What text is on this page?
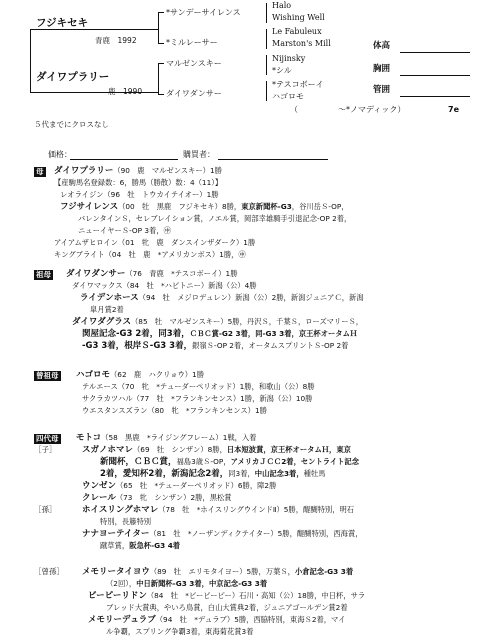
フジキセキ
青鹿　1992
ダイワプラリー
*サンデーサイレンス
*ミルレーサー
マルゼンスキー
ダイワダンサー
Halo
Wishing Well
Le Fabuleux
Marston's Mill
Nijinsky
*シル
*テスコボーイ
ハゴロモ
（　　　　　～*ノマディック）	7e
体高
胸囲
管囲
５代までにクロスなし
価格：	購買者：
母 ダイワプラリー（90　鹿　マルゼンスキー）1勝
【産駒馬名登録数：6，勝馬（勝散）数：4（11）】
レオライジン（96　牡　トウカイテイオー）1勝
フジサイレンス（00　牡　黒鹿　フジキセキ）8勝，東京新聞杯-G3，谷川岳Ｓ-OP，
バレンタインＳ，セレブレイション賞，ノエル賞，岡部幸雄騎手引退記念-OP 2着，
ニューイヤーＳ-OP 3着，㊥
アイアムザヒロイン（01　牝　鹿　ダンスインザダーク）1勝
キングブライト（04　牡　鹿　*アメリカンボス）1勝，㊥
祖母 ダイワダンサー（76　青鹿　*テスコボーイ）1勝
ダイワマックス（84　牡　*ハビトニー）新潟（公）4勝
ライデンホース（94　牡　メジロデュレン）新潟（公）2勝，新潟ジュニアＣ，新潟
皐月賞2着
ダイワダグラス（85　牡　マルゼンスキー）5勝，丹沢Ｓ，千葉Ｓ，ローズマリーＳ，
関屋記念-G3 2着，同3着，ＣＢＣ賞-G2 3着，同-G3 3着，京王杯オータムＨ
-G3 3着，根岸Ｓ-G3 3着，銀嶺Ｓ-OP 2着，オータムスプリントＳ-OP 2着
曾祖母 ハゴロモ（62　鹿　ハクリョウ）1勝
テルエース（70　牝　*テューダーペリオッド）1勝，和歌山（公）8勝
サクラカツハル（77　牡　*フランキンセンス）1勝，新潟（公）10勝
ウエスタンスズラン（80　牝　*フランキンセンス）1勝
四代母 モトコ（58　黒鹿　*ライジングフレーム）1戦，入着
［子］	スガノホマレ（69　牡　シンザン）8勝，日本短波賞，京王杯オータムＨ，東京
新聞杯，ＣＢＣ賞，福島3歳Ｓ-OP，アメリカＪＣＣ2着，セントライト記念
2着，愛知杯2着，新潟記念2着，同3着，中山記念3着，種牡馬
ウンゼン（65　牡　*テューダーペリオッド）6勝，障2勝
クレール（73　牝　シンザン）2勝，黒松賞
［孫］	ホイスリングホマレ（78　牡　*ホイスリングウインドⅡ）5勝，醍醐特別，明石
特別，長籐特別
ナナヨーテイター（81　牡　*ノーザンディクテイター）5勝，醍醐特別，西海賞，
蹴草賞，阪急杯-G3 4着
［曾孫］ メモリータイヨウ（89　牡　エリモタイヨー）5勝，万葉Ｓ，小倉記念-G3 3着
（2回），中日新聞杯-G3 3着，中京記念-G3 3着
ビーピーリドン（84　牡　*ビーピーピー）石川・高知（公）18勝，中日杯，サラ
ブレッド大賞典，やいろ鳥賞，白山大賞典2着，ジュニアゴールデン賞2着
メモリーデュラブ（94　牡　*デュラブ）5勝，西脇特別，東海Ｓ2着，マイ
ル争覇，スプリング争覇3着，東海菊花賞3着
